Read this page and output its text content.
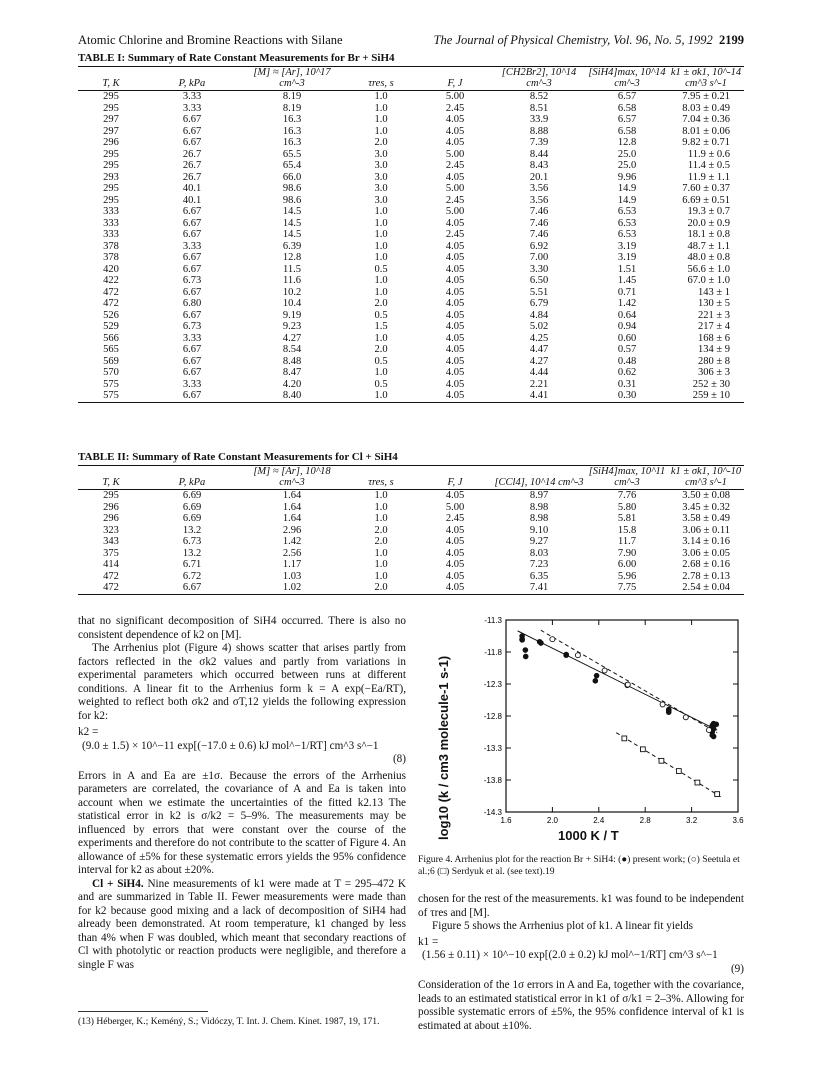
Atomic Chlorine and Bromine Reactions with Silane	The Journal of Physical Chemistry, Vol. 96, No. 5, 1992 2199
TABLE I: Summary of Rate Constant Measurements for Br + SiH4
T, K	P, kPa	[M] ≈ [Ar], 10^17 cm^-3	τres, s	F, J	[CH2Br2], 10^14 cm^-3	[SiH4]max, 10^14 cm^-3	k1 ± σk1, 10^-14 cm^3 s^-1
295	3.33	8.19	1.0	5.00	8.52	6.57	7.95 ± 0.21
295	3.33	8.19	1.0	2.45	8.51	6.58	8.03 ± 0.49
297	6.67	16.3	1.0	4.05	33.9	6.57	7.04 ± 0.36
297	6.67	16.3	1.0	4.05	8.88	6.58	8.01 ± 0.06
296	6.67	16.3	2.0	4.05	7.39	12.8	9.82 ± 0.71
295	26.7	65.5	3.0	5.00	8.44	25.0	11.9 ± 0.6
295	26.7	65.4	3.0	2.45	8.43	25.0	11.4 ± 0.5
293	26.7	66.0	3.0	4.05	20.1	9.96	11.9 ± 1.1
295	40.1	98.6	3.0	5.00	3.56	14.9	7.60 ± 0.37
295	40.1	98.6	3.0	2.45	3.56	14.9	6.69 ± 0.51
333	6.67	14.5	1.0	5.00	7.46	6.53	19.3 ± 0.7
333	6.67	14.5	1.0	4.05	7.46	6.53	20.0 ± 0.9
333	6.67	14.5	1.0	2.45	7.46	6.53	18.1 ± 0.8
378	3.33	6.39	1.0	4.05	6.92	3.19	48.7 ± 1.1
378	6.67	12.8	1.0	4.05	7.00	3.19	48.0 ± 0.8
420	6.67	11.5	0.5	4.05	3.30	1.51	56.6 ± 1.0
422	6.73	11.6	1.0	4.05	6.50	1.45	67.0 ± 1.0
472	6.67	10.2	1.0	4.05	5.51	0.71	143 ± 1
472	6.80	10.4	2.0	4.05	6.79	1.42	130 ± 5
526	6.67	9.19	0.5	4.05	4.84	0.64	221 ± 3
529	6.73	9.23	1.5	4.05	5.02	0.94	217 ± 4
566	3.33	4.27	1.0	4.05	4.25	0.60	168 ± 6
565	6.67	8.54	2.0	4.05	4.47	0.57	134 ± 9
569	6.67	8.48	0.5	4.05	4.27	0.48	280 ± 8
570	6.67	8.47	1.0	4.05	4.44	0.62	306 ± 3
575	3.33	4.20	0.5	4.05	2.21	0.31	252 ± 30
575	6.67	8.40	1.0	4.05	4.41	0.30	259 ± 10
TABLE II: Summary of Rate Constant Measurements for Cl + SiH4
T, K	P, kPa	[M] ≈ [Ar], 10^18 cm^-3	τres, s	F, J	[CCl4], 10^14 cm^-3	[SiH4]max, 10^11 cm^-3	k1 ± σk1, 10^-10 cm^3 s^-1
295	6.69	1.64	1.0	4.05	8.97	7.76	3.50 ± 0.08
296	6.69	1.64	1.0	5.00	8.98	5.80	3.45 ± 0.32
296	6.69	1.64	1.0	2.45	8.98	5.81	3.58 ± 0.49
323	13.2	2.96	2.0	4.05	9.10	15.8	3.06 ± 0.11
343	6.73	1.42	2.0	4.05	9.27	11.7	3.14 ± 0.16
375	13.2	2.56	1.0	4.05	8.03	7.90	3.06 ± 0.05
414	6.71	1.17	1.0	4.05	7.23	6.00	2.68 ± 0.16
472	6.72	1.03	1.0	4.05	6.35	5.96	2.78 ± 0.13
472	6.67	1.02	2.0	4.05	7.41	7.75	2.54 ± 0.04

that no significant decomposition of SiH4 occurred. There is also no consistent dependence of k2 on [M].

The Arrhenius plot (Figure 4) shows scatter that arises partly from factors reflected in the σk2 values and partly from variations in experimental parameters which occurred between runs at different conditions. A linear fit to the Arrhenius form k = A exp(−Ea/RT), weighted to reflect both σk2 and σT,12 yields the following expression for k2:

k2 =
(9.0 ± 1.5) × 10^−11 exp[(−17.0 ± 0.6) kJ mol^−1/RT] cm^3 s^−1
(8)

Errors in A and Ea are ±1σ. Because the errors of the Arrhenius parameters are correlated, the covariance of A and Ea is taken into account when we estimate the uncertainties of the fitted k2.13 The statistical error in k2 is σ/k2 = 5–9%. The measurements may be influenced by errors that were constant over the course of the experiments and therefore do not contribute to the scatter of Figure 4. An allowance of ±5% for these systematic errors yields the 95% confidence interval for k2 as about ±20%.

Cl + SiH4. Nine measurements of k1 were made at T = 295–472 K and are summarized in Table II. Fewer measurements were made than for k2 because good mixing and a lack of decomposition of SiH4 had already been demonstrated. At room temperature, k1 changed by less than 4% when F was doubled, which meant that secondary reactions of Cl with photolytic or reaction products were negligible, and therefore a single F was

(13) Héberger, K.; Keméný, S.; Vidóczy, T. Int. J. Chem. Kinet. 1987, 19, 171.
log10 (k / cm3 molecule-1 s-1)	1.6	2.0	2.4	2.8	3.2	3.6
-11.3
-11.8
-12.3
-12.8
-13.3
-13.8
-14.3
1000 K / T
Figure 4. Arrhenius plot for the reaction Br + SiH4: (●) present work; (○) Seetula et al.;6 (□) Serdyuk et al. (see text).19

chosen for the rest of the measurements. k1 was found to be independent of τres and [M].

Figure 5 shows the Arrhenius plot of k1. A linear fit yields

k1 =
(1.56 ± 0.11) × 10^−10 exp[(2.0 ± 0.2) kJ mol^−1/RT] cm^3 s^−1
(9)

Consideration of the 1σ errors in A and Ea, together with the covariance, leads to an estimated statistical error in k1 of σ/k1 = 2–3%. Allowing for possible systematic errors of ±5%, the 95% confidence interval of k1 is estimated at about ±10%.
